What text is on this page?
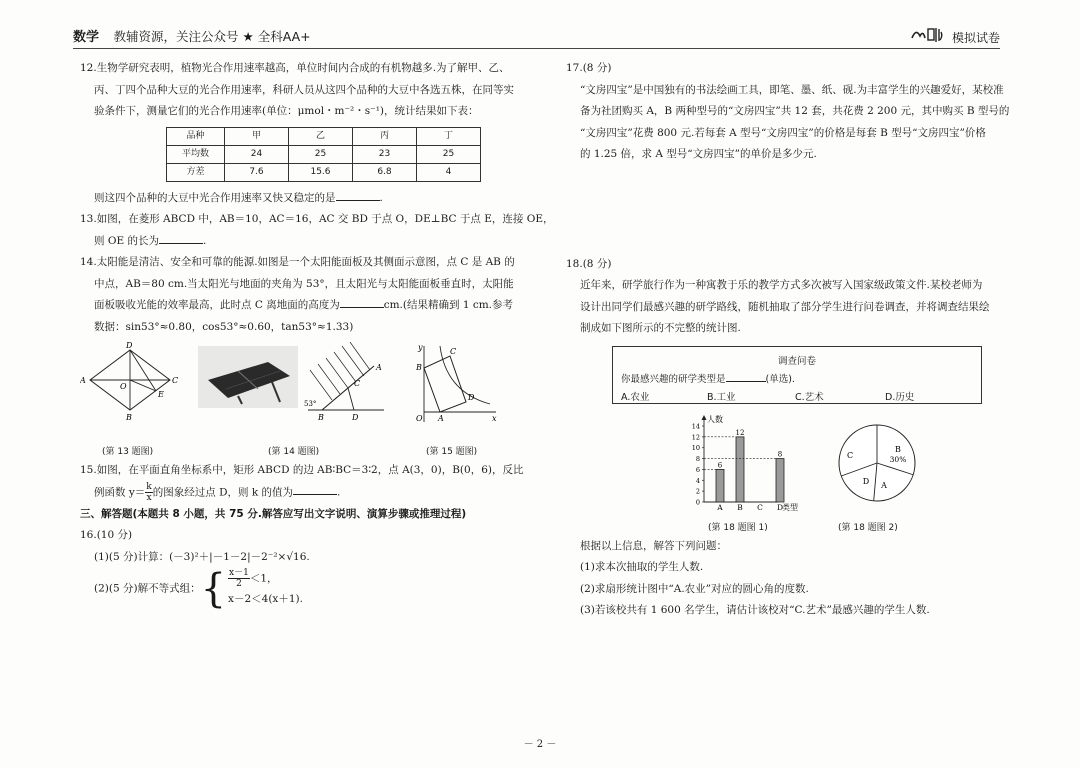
数学 教辅资源，关注公众号 ★ 全科AA+	模拟试卷
12.生物学研究表明，植物光合作用速率越高，单位时间内合成的有机物越多.为了解甲、乙、
丙、丁四个品种大豆的光合作用速率，科研人员从这四个品种的大豆中各选五株，在同等实
验条件下，测量它们的光合作用速率(单位：μmol・m⁻²・s⁻¹)，统计结果如下表：
品种	甲	乙	丙	丁
平均数	24	25	23	25
方差	7.6	15.6	6.8	4
则这四个品种的大豆中光合作用速率又快又稳定的是	.
13.如图，在菱形 ABCD 中，AB＝10，AC＝16，AC 交 BD 于点 O，DE⊥BC 于点 E，连接 OE，
则 OE 的长为	.
14.太阳能是清洁、安全和可靠的能源.如图是一个太阳能面板及其侧面示意图，点 C 是 AB 的
中点，AB＝80 cm.当太阳光与地面的夹角为 53°，且太阳光与太阳能面板垂直时，太阳能
面板吸收光能的效率最高，此时点 C 离地面的高度为	cm.(结果精确到 1 cm.参考
数据：sin53°≈0.80，cos53°≈0.60，tan53°≈1.33)
D
A	C
O
E
B
A
C
53°
B	D
y	C
B
D
O A	x
(第 13 题图)	(第 14 题图)	(第 15 题图)
15.如图，在平面直角坐标系中，矩形 ABCD 的边 AB∶BC＝3∶2，点 A(3，0)，B(0，6)，反比
例函数 $y= \frac{k}{x}$的图象经过点 D，则 k 的值为	.
三、解答题(本题共 8 小题，共 75 分.解答应写出文字说明、演算步骤或推理过程)
16.(10 分)
(1)(5 分)计算：(－3)²＋|－1－2|－2⁻²×√16.
(2)(5 分)解不等式组： { $\frac{x-1}{2}<1$，
x－2＜4(x＋1).
17.(8 分)
“文房四宝”是中国独有的书法绘画工具，即笔、墨、纸、砚.为丰富学生的兴趣爱好，某校准
备为社团购买 A，B 两种型号的“文房四宝”共 12 套，共花费 2 200 元，其中购买 B 型号的
“文房四宝”花费 800 元.若每套 A 型号“文房四宝”的价格是每套 B 型号“文房四宝”价格
的 1.25 倍，求 A 型号“文房四宝”的单价是多少元.
18.(8 分)
近年来，研学旅行作为一种寓教于乐的教学方式多次被写入国家级政策文件.某校老师为
设计出同学们最感兴趣的研学路线，随机抽取了部分学生进行问卷调查，并将调查结果绘
制成如下图所示的不完整的统计图.
调查问卷
你最感兴趣的研学类型是	(单选).
A.农业	B.工业	C.艺术	D.历史
人数
0
2
4
6
8
10
12
14
6
A
12
B C
8
D
类型
A
B
30%
C
D
(第 18 题图 1)	(第 18 题图 2)
根据以上信息，解答下列问题：
(1)求本次抽取的学生人数.
(2)求扇形统计图中“A.农业”对应的圆心角的度数.
(3)若该校共有 1 600 名学生，请估计该校对“C.艺术”最感兴趣的学生人数.
－ 2 －
